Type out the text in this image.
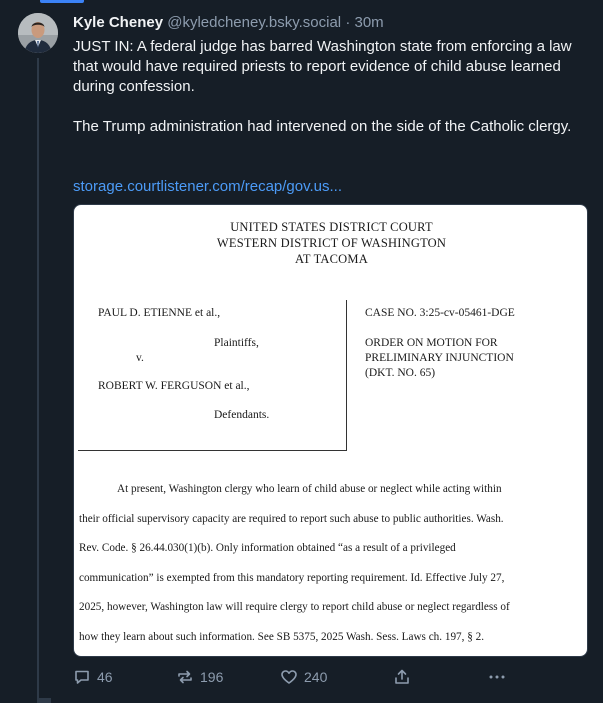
Kyle Cheney @kyledcheney.bsky.social · 30m

JUST IN: A federal judge has barred Washington state from enforcing a law that would have required priests to report evidence of child abuse learned during confession.

The Trump administration had intervened on the side of the Catholic clergy.

storage.courtlistener.com/recap/gov.us...
UNITED STATES DISTRICT COURT
WESTERN DISTRICT OF WASHINGTON
AT TACOMA
PAUL D. ETIENNE et al.,
Plaintiffs,
v.
ROBERT W. FERGUSON et al.,
Defendants.
CASE NO. 3:25-cv-05461-DGE
ORDER ON MOTION FOR
PRELIMINARY INJUNCTION
(DKT. NO. 65)
At present, Washington clergy who learn of child abuse or neglect while acting within
their official supervisory capacity are required to report such abuse to public authorities. Wash.
Rev. Code. § 26.44.030(1)(b). Only information obtained “as a result of a privileged
communication” is exempted from this mandatory reporting requirement. Id. Effective July 27,
2025, however, Washington law will require clergy to report child abuse or neglect regardless of
how they learn about such information. See SB 5375, 2025 Wash. Sess. Laws ch. 197, § 2.
46	196	240
